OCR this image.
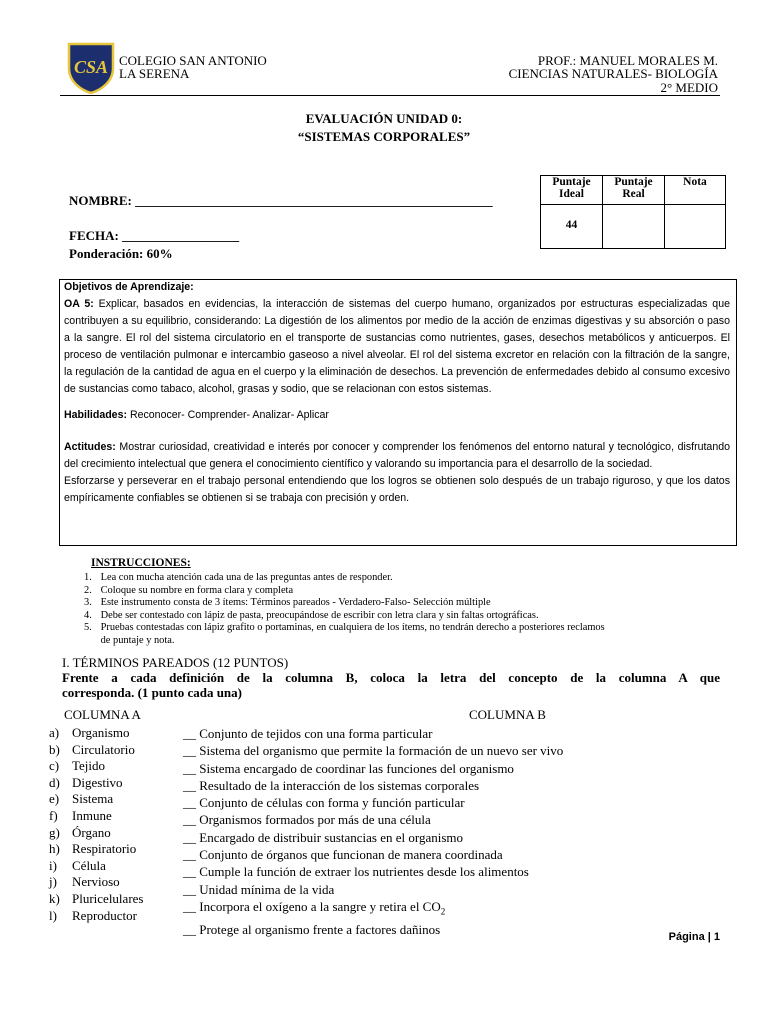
CSA COLEGIO SAN ANTONIO
LA SERENA
PROF.: MANUEL MORALES M.
CIENCIAS NATURALES- BIOLOGÍA
2° MEDIO
EVALUACIÓN UNIDAD 0:
“SISTEMAS CORPORALES”
NOMBRE: _______________________________________________________
FECHA: __________________
Ponderación: 60%
Puntaje Ideal	Puntaje Real	Nota
44		
Objetivos de Aprendizaje:
OA 5: Explicar, basados en evidencias, la interacción de sistemas del cuerpo humano, organizados por estructuras especializadas que contribuyen a su equilibrio, considerando: La digestión de los alimentos por medio de la acción de enzimas digestivas y su absorción o paso a la sangre. El rol del sistema circulatorio en el transporte de sustancias como nutrientes, gases, desechos metabólicos y anticuerpos. El proceso de ventilación pulmonar e intercambio gaseoso a nivel alveolar. El rol del sistema excretor en relación con la filtración de la sangre, la regulación de la cantidad de agua en el cuerpo y la eliminación de desechos. La prevención de enfermedades debido al consumo excesivo de sustancias como tabaco, alcohol, grasas y sodio, que se relacionan con estos sistemas.
Habilidades: Reconocer- Comprender- Analizar- Aplicar
Actitudes: Mostrar curiosidad, creatividad e interés por conocer y comprender los fenómenos del entorno natural y tecnológico, disfrutando del crecimiento intelectual que genera el conocimiento científico y valorando su importancia para el desarrollo de la sociedad.
Esforzarse y perseverar en el trabajo personal entendiendo que los logros se obtienen solo después de un trabajo riguroso, y que los datos empíricamente confiables se obtienen si se trabaja con precisión y orden.
INSTRUCCIONES:
1. Lea con mucha atención cada una de las preguntas antes de responder.
2. Coloque su nombre en forma clara y completa
3. Este instrumento consta de 3 ítems: Términos pareados - Verdadero-Falso- Selección múltiple
4. Debe ser contestado con lápiz de pasta, preocupándose de escribir con letra clara y sin faltas ortográficas.
5. Pruebas contestadas con lápiz grafito o portaminas, en cualquiera de los ítems, no tendrán derecho a posteriores reclamos
de puntaje y nota.
I. TÉRMINOS PAREADOS (12 PUNTOS)
Frente a cada definición de la columna B, coloca la letra del concepto de la columna A que
corresponda. (1 punto cada una)
COLUMNA A	COLUMNA B
a) Organismo
b) Circulatorio
c) Tejido
d) Digestivo
e) Sistema
f) Inmune
g) Órgano
h) Respiratorio
i) Célula
j) Nervioso
k) Pluricelulares
l) Reproductor
__ Conjunto de tejidos con una forma particular
__ Sistema del organismo que permite la formación de un nuevo ser vivo
__ Sistema encargado de coordinar las funciones del organismo
__ Resultado de la interacción de los sistemas corporales
__ Conjunto de células con forma y función particular
__ Organismos formados por más de una célula
__ Encargado de distribuir sustancias en el organismo
__ Conjunto de órganos que funcionan de manera coordinada
__ Cumple la función de extraer los nutrientes desde los alimentos
__ Unidad mínima de la vida
__ Incorpora el oxígeno a la sangre y retira el $CO_2$
__ Protege al organismo frente a factores dañinos
Página | 1
